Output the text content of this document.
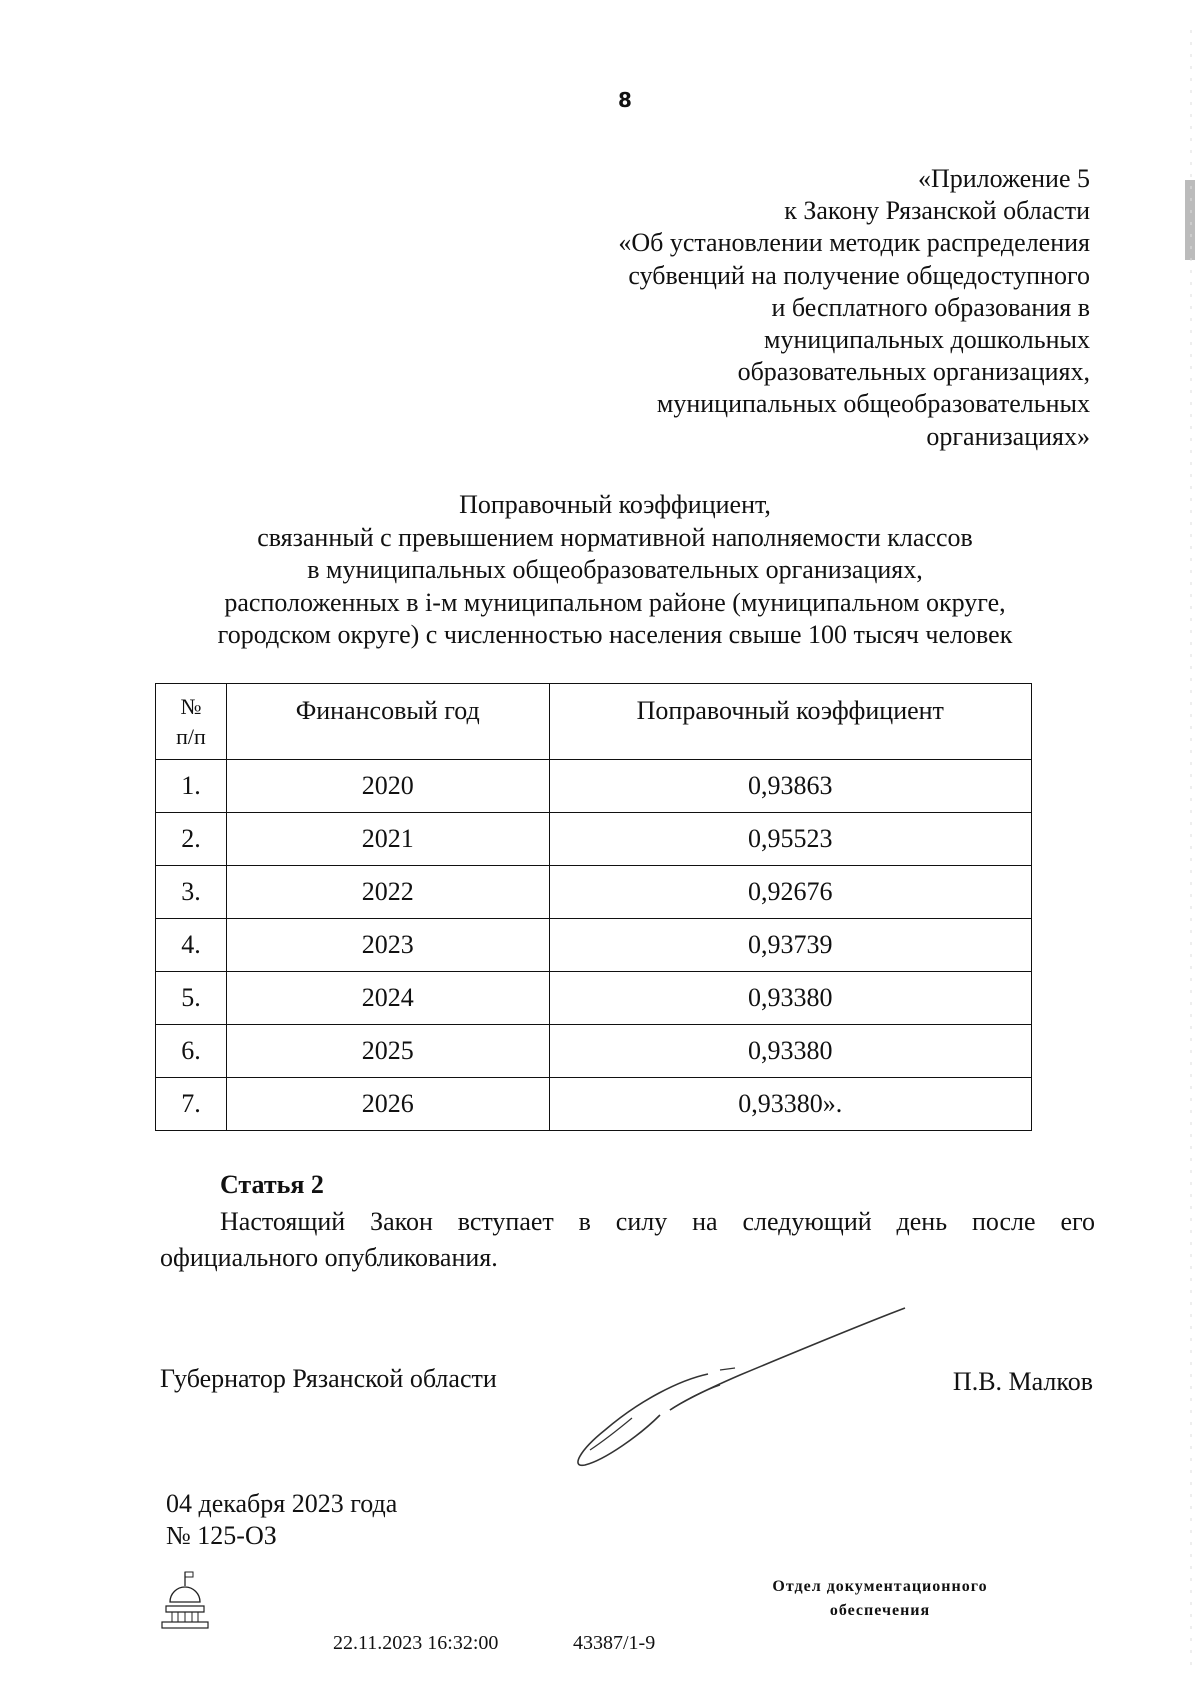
8
«Приложение 5
к Закону Рязанской области
«Об установлении методик распределения
субвенций на получение общедоступного
и бесплатного образования в
муниципальных дошкольных
образовательных организациях,
муниципальных общеобразовательных
организациях»
Поправочный коэффициент,
связанный с превышением нормативной наполняемости классов
в муниципальных общеобразовательных организациях,
расположенных в i-м муниципальном районе (муниципальном округе,
городском округе) с численностью населения свыше 100 тысяч человек
№
п/п	Финансовый год	Поправочный коэффициент
1.	2020	0,93863
2.	2021	0,95523
3.	2022	0,92676
4.	2023	0,93739
5.	2024	0,93380
6.	2025	0,93380
7.	2026	0,93380».
Статья 2
Настоящий Закон вступает в силу на следующий день после его
официального опубликования.
Губернатор Рязанской области	П.В. Малков
04 декабря 2023 года
№ 125-ОЗ
22.11.2023 16:32:00	43387/1-9
Отдел документационного
обеспечения
